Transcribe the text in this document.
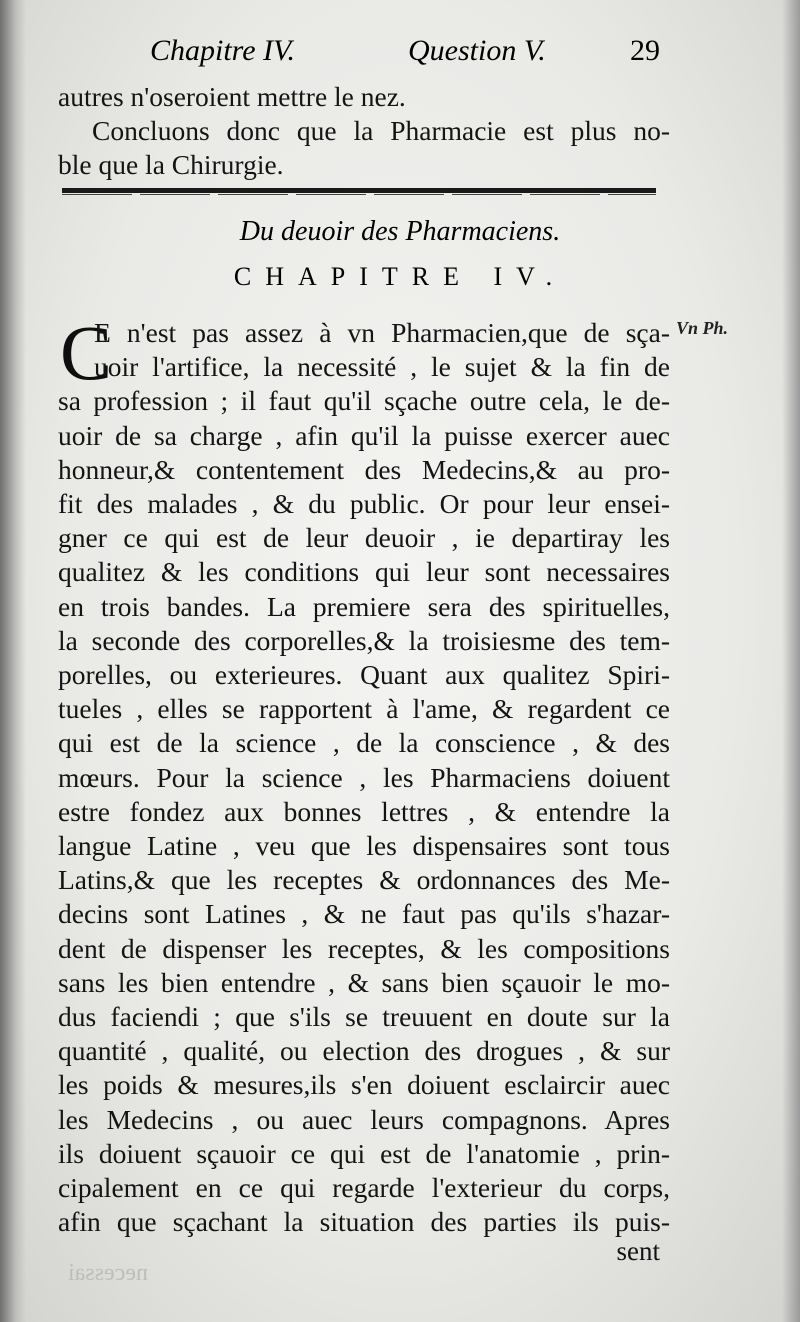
Chapitre IV.	Question V.	29
autres n'oseroient mettre le nez.
Concluons donc que la Pharmacie est plus no-
ble que la Chirurgie.
Du deuoir des Pharmaciens.
CHAPITRE IV.
C	Vn Ph.
E n'est pas assez à vn Pharmacien,que de sça-
uoir l'artifice, la necessité , le sujet & la fin de
sa profession ; il faut qu'il sçache outre cela, le de-
uoir de sa charge , afin qu'il la puisse exercer auec
honneur,& contentement des Medecins,& au pro-
fit des malades , & du public. Or pour leur ensei-
gner ce qui est de leur deuoir , ie departiray les
qualitez & les conditions qui leur sont necessaires
en trois bandes. La premiere sera des spirituelles,
la seconde des corporelles,& la troisiesme des tem-
porelles, ou exterieures. Quant aux qualitez Spiri-
tueles , elles se rapportent à l'ame, & regardent ce
qui est de la science , de la conscience , & des
mœurs. Pour la science , les Pharmaciens doiuent
estre fondez aux bonnes lettres , & entendre la
langue Latine , veu que les dispensaires sont tous
Latins,& que les receptes & ordonnances des Me-
decins sont Latines , & ne faut pas qu'ils s'hazar-
dent de dispenser les receptes, & les compositions
sans les bien entendre , & sans bien sçauoir le mo-
dus faciendi ; que s'ils se treuuent en doute sur la
quantité , qualité, ou election des drogues , & sur
les poids & mesures,ils s'en doiuent esclaircir auec
les Medecins , ou auec leurs compagnons. Apres
ils doiuent sçauoir ce qui est de l'anatomie , prin-
cipalement en ce qui regarde l'exterieur du corps,
afin que sçachant la situation des parties ils puis-
sent
necessai
